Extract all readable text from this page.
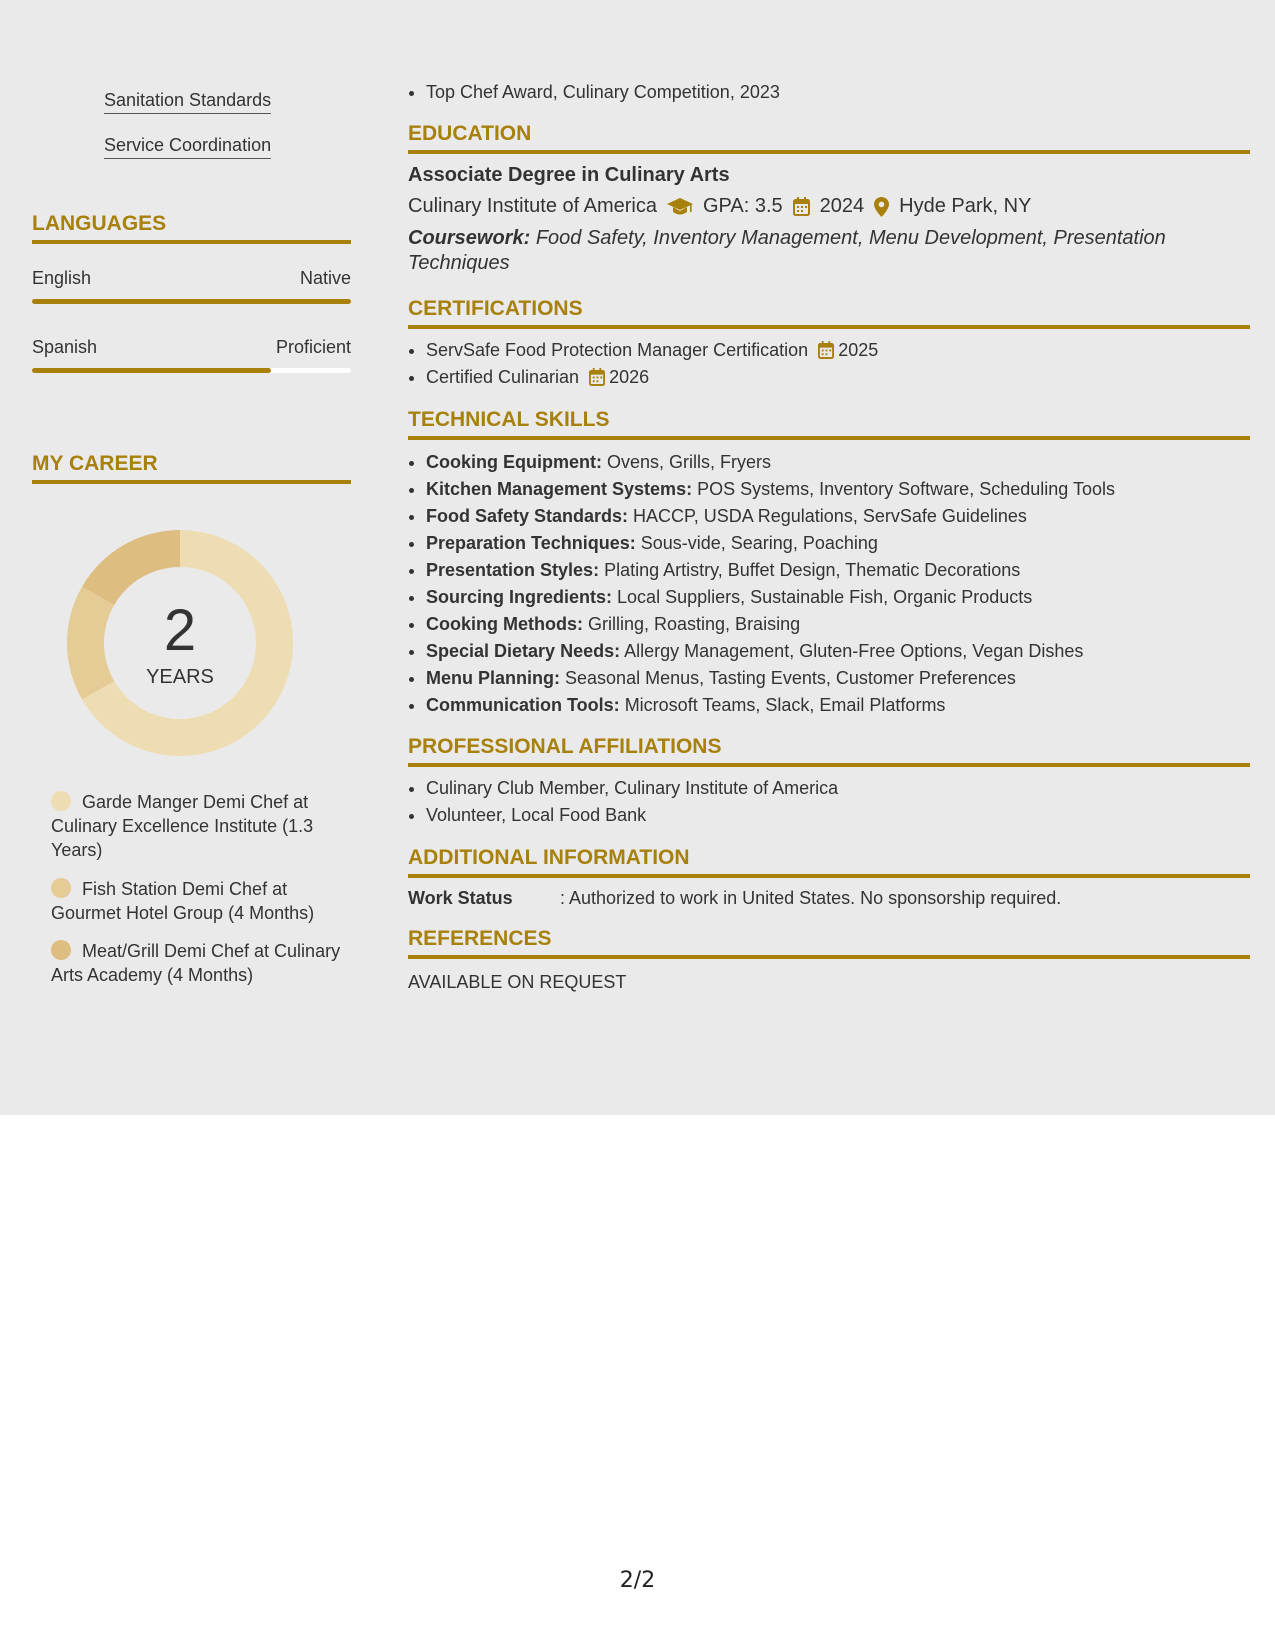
Sanitation Standards
Service Coordination
LANGUAGES
English	Native
Spanish	Proficient
MY CAREER
2
YEARS
Garde Manger Demi Chef at Culinary Excellence Institute (1.3 Years)
Fish Station Demi Chef at Gourmet Hotel Group (4 Months)
Meat/Grill Demi Chef at Culinary Arts Academy (4 Months)
• Top Chef Award, Culinary Competition, 2023
EDUCATION
Associate Degree in Culinary Arts
Culinary Institute of America GPA: 3.5 2024 Hyde Park, NY
Coursework: Food Safety, Inventory Management, Menu Development, Presentation Techniques
CERTIFICATIONS
• ServSafe Food Protection Manager Certification 2025
• Certified Culinarian 2026
TECHNICAL SKILLS
• Cooking Equipment: Ovens, Grills, Fryers
• Kitchen Management Systems: POS Systems, Inventory Software, Scheduling Tools
• Food Safety Standards: HACCP, USDA Regulations, ServSafe Guidelines
• Preparation Techniques: Sous-vide, Searing, Poaching
• Presentation Styles: Plating Artistry, Buffet Design, Thematic Decorations
• Sourcing Ingredients: Local Suppliers, Sustainable Fish, Organic Products
• Cooking Methods: Grilling, Roasting, Braising
• Special Dietary Needs: Allergy Management, Gluten-Free Options, Vegan Dishes
• Menu Planning: Seasonal Menus, Tasting Events, Customer Preferences
• Communication Tools: Microsoft Teams, Slack, Email Platforms
PROFESSIONAL AFFILIATIONS
• Culinary Club Member, Culinary Institute of America
• Volunteer, Local Food Bank
ADDITIONAL INFORMATION
Work Status	: Authorized to work in United States. No sponsorship required.
REFERENCES
AVAILABLE ON REQUEST
2/2
